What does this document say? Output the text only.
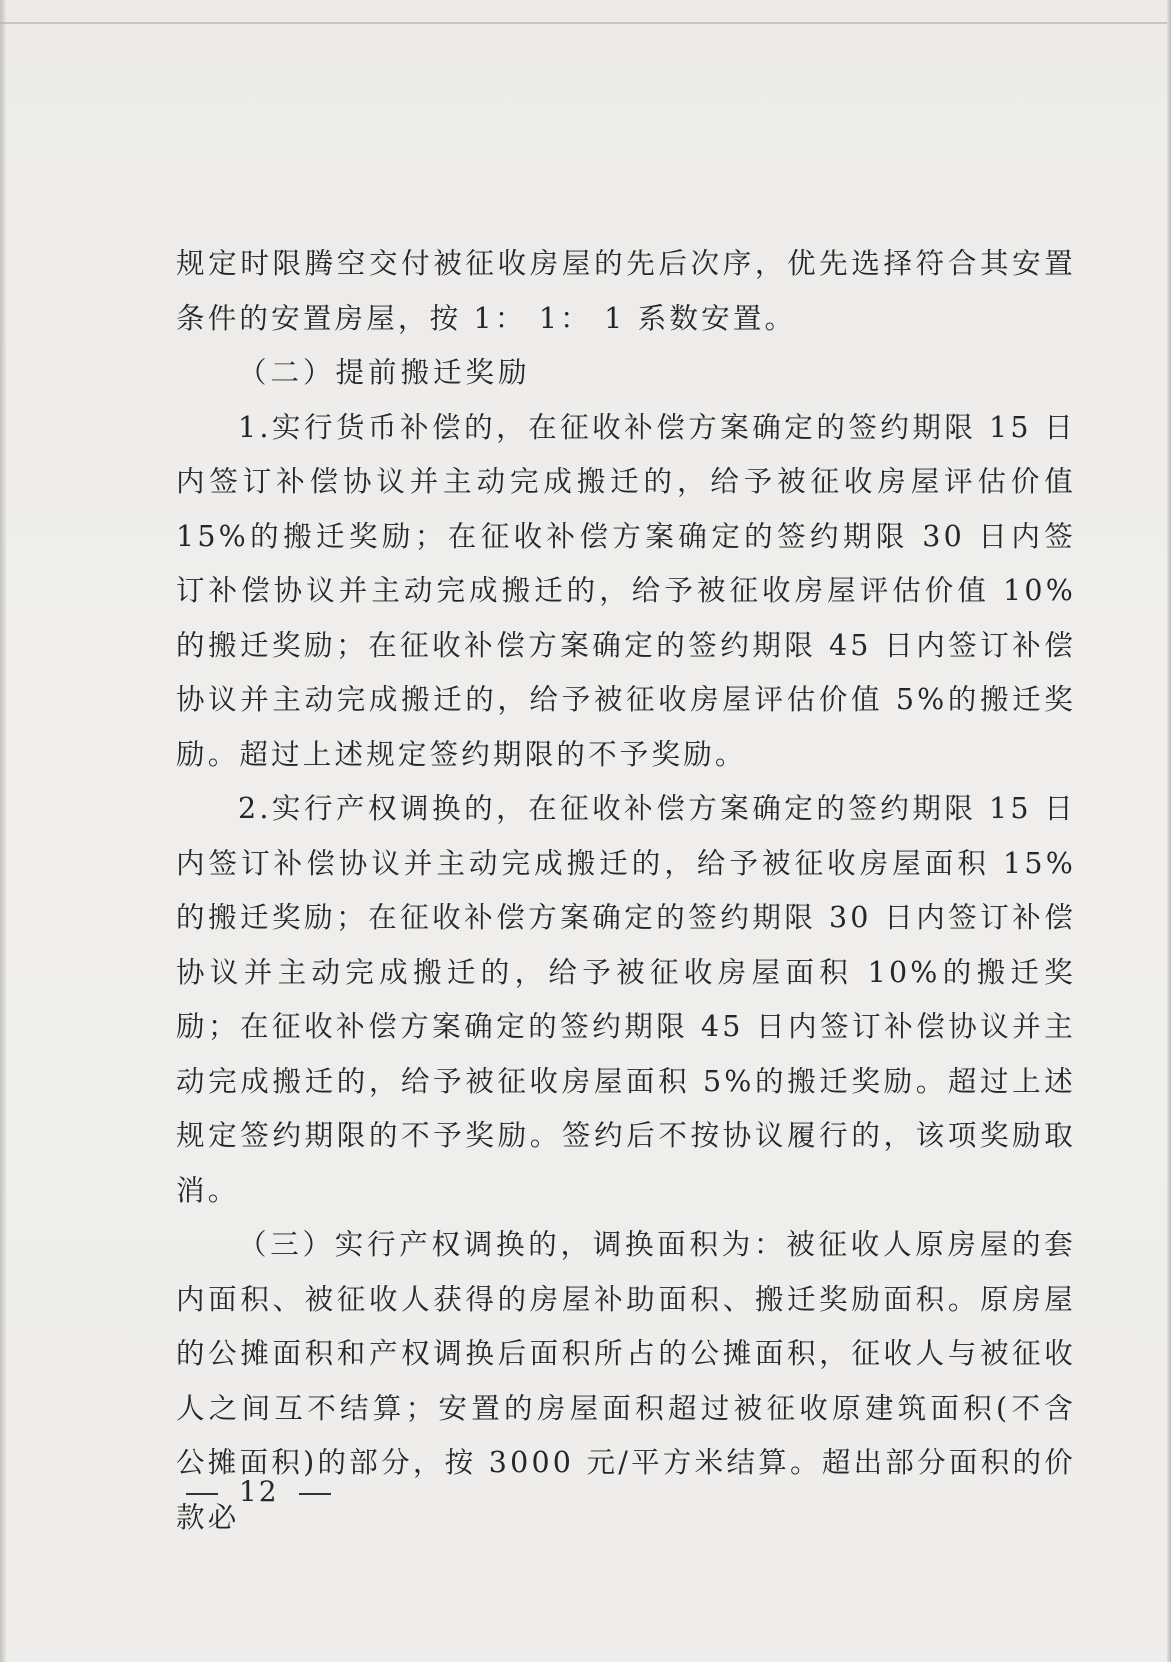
规定时限腾空交付被征收房屋的先后次序，优先选择符合其安置条件的安置房屋，按 1： 1： 1 系数安置。

（二）提前搬迁奖励

1.实行货币补偿的，在征收补偿方案确定的签约期限 15 日内签订补偿协议并主动完成搬迁的，给予被征收房屋评估价值 15%的搬迁奖励；在征收补偿方案确定的签约期限 30 日内签订补偿协议并主动完成搬迁的，给予被征收房屋评估价值 10%的搬迁奖励；在征收补偿方案确定的签约期限 45 日内签订补偿协议并主动完成搬迁的，给予被征收房屋评估价值 5%的搬迁奖励。超过上述规定签约期限的不予奖励。

2.实行产权调换的，在征收补偿方案确定的签约期限 15 日内签订补偿协议并主动完成搬迁的，给予被征收房屋面积 15%的搬迁奖励；在征收补偿方案确定的签约期限 30 日内签订补偿协议并主动完成搬迁的，给予被征收房屋面积 10%的搬迁奖励；在征收补偿方案确定的签约期限 45 日内签订补偿协议并主动完成搬迁的，给予被征收房屋面积 5%的搬迁奖励。超过上述规定签约期限的不予奖励。签约后不按协议履行的，该项奖励取消。

（三）实行产权调换的，调换面积为：被征收人原房屋的套内面积、被征收人获得的房屋补助面积、搬迁奖励面积。原房屋的公摊面积和产权调换后面积所占的公摊面积，征收人与被征收人之间互不结算；安置的房屋面积超过被征收原建筑面积(不含公摊面积)的部分，按 3000 元/平方米结算。超出部分面积的价款必

12
